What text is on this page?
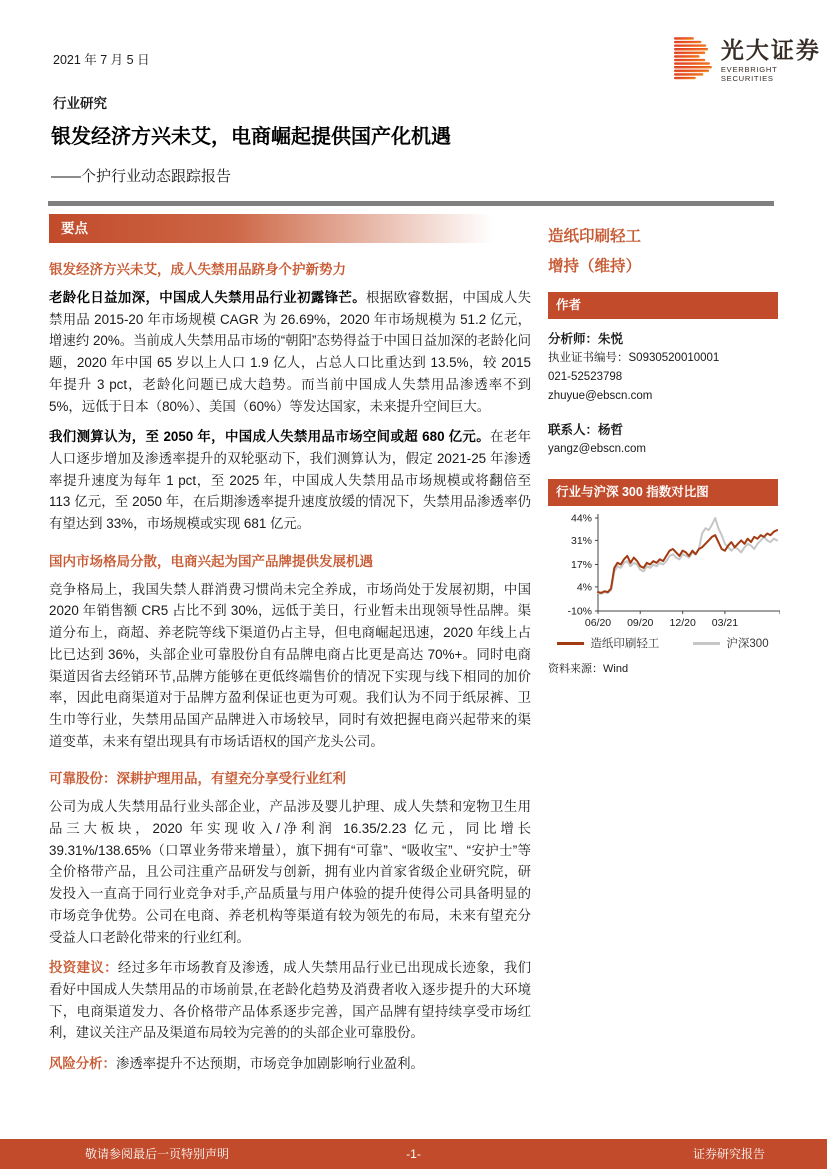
2021 年 7 月 5 日	光大证券
EVERBRIGHT SECURITIES
行业研究
银发经济方兴未艾，电商崛起提供国产化机遇
——个护行业动态跟踪报告
要点
银发经济方兴未艾，成人失禁用品跻身个护新势力

老龄化日益加深，中国成人失禁用品行业初露锋芒。根据欧睿数据，中国成人失禁用品 2015-20 年市场规模 CAGR 为 26.69%，2020 年市场规模为 51.2 亿元，增速约 20%。当前成人失禁用品市场的“朝阳”态势得益于中国日益加深的老龄化问题，2020 年中国 65 岁以上人口 1.9 亿人，占总人口比重达到 13.5%，较 2015 年提升 3 pct，老龄化问题已成大趋势。而当前中国成人失禁用品渗透率不到 5%，远低于日本（80%）、美国（60%）等发达国家，未来提升空间巨大。

我们测算认为，至 2050 年，中国成人失禁用品市场空间或超 680 亿元。在老年人口逐步增加及渗透率提升的双轮驱动下，我们测算认为，假定 2021-25 年渗透率提升速度为每年 1 pct，至 2025 年，中国成人失禁用品市场规模或将翻倍至 113 亿元，至 2050 年，在后期渗透率提升速度放缓的情况下，失禁用品渗透率仍有望达到 33%，市场规模或实现 681 亿元。

国内市场格局分散，电商兴起为国产品牌提供发展机遇

竞争格局上，我国失禁人群消费习惯尚未完全养成，市场尚处于发展初期，中国 2020 年销售额 CR5 占比不到 30%，远低于美日，行业暂未出现领导性品牌。渠道分布上，商超、养老院等线下渠道仍占主导，但电商崛起迅速，2020 年线上占比已达到 36%，头部企业可靠股份自有品牌电商占比更是高达 70%+。同时电商渠道因省去经销环节,品牌方能够在更低终端售价的情况下实现与线下相同的加价率，因此电商渠道对于品牌方盈利保证也更为可观。我们认为不同于纸尿裤、卫生巾等行业，失禁用品国产品牌进入市场较早，同时有效把握电商兴起带来的渠道变革，未来有望出现具有市场话语权的国产龙头公司。

可靠股份：深耕护理用品，有望充分享受行业红利

公司为成人失禁用品行业头部企业，产品涉及婴儿护理、成人失禁和宠物卫生用品三大板块，2020 年实现收入/净利润 16.35/2.23 亿元，同比增长 39.31%/138.65%（口罩业务带来增量），旗下拥有“可靠”、“吸收宝”、“安护士”等全价格带产品，且公司注重产品研发与创新，拥有业内首家省级企业研究院，研发投入一直高于同行业竞争对手,产品质量与用户体验的提升使得公司具备明显的市场竞争优势。公司在电商、养老机构等渠道有较为领先的布局，未来有望充分受益人口老龄化带来的行业红利。

投资建议：经过多年市场教育及渗透，成人失禁用品行业已出现成长迹象，我们看好中国成人失禁用品的市场前景,在老龄化趋势及消费者收入逐步提升的大环境下，电商渠道发力、各价格带产品体系逐步完善，国产品牌有望持续享受市场红利，建议关注产品及渠道布局较为完善的的头部企业可靠股份。

风险分析：渗透率提升不达预期，市场竞争加剧影响行业盈利。

造纸印刷轻工
增持（维持）
作者
分析师：朱悦
执业证书编号：S0930520010001
021-52523798
zhuyue@ebscn.com
联系人：杨哲
yangz@ebscn.com
行业与沪深 300 指数对比图
44%
31%
17%
4%
-10%
06/20 09/20 12/20 03/21
造纸印刷轻工	沪深300
资料来源：Wind
敬请参阅最后一页特别声明	-1-	证券研究报告
